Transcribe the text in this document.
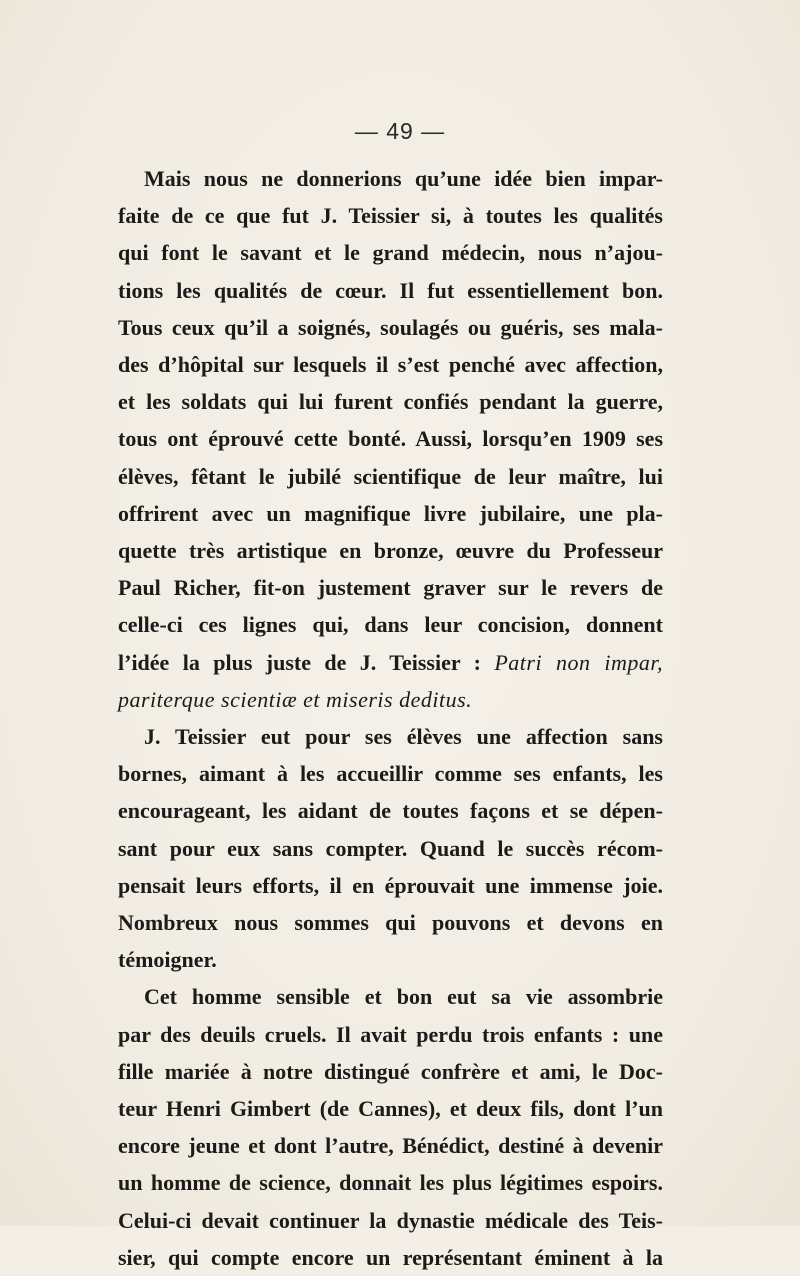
— 49 —
Mais nous ne donnerions qu’une idée bien impar-
faite de ce que fut J. Teissier si, à toutes les qualités
qui font le savant et le grand médecin, nous n’ajou-
tions les qualités de cœur. Il fut essentiellement bon.
Tous ceux qu’il a soignés, soulagés ou guéris, ses mala-
des d’hôpital sur lesquels il s’est penché avec affection,
et les soldats qui lui furent confiés pendant la guerre,
tous ont éprouvé cette bonté. Aussi, lorsqu’en 1909 ses
élèves, fêtant le jubilé scientifique de leur maître, lui
offrirent avec un magnifique livre jubilaire, une pla-
quette très artistique en bronze, œuvre du Professeur
Paul Richer, fit-on justement graver sur le revers de
celle-ci ces lignes qui, dans leur concision, donnent
l’idée la plus juste de J. Teissier : Patri non impar,
pariterque scientiæ et miseris deditus.
J. Teissier eut pour ses élèves une affection sans
bornes, aimant à les accueillir comme ses enfants, les
encourageant, les aidant de toutes façons et se dépen-
sant pour eux sans compter. Quand le succès récom-
pensait leurs efforts, il en éprouvait une immense joie.
Nombreux nous sommes qui pouvons et devons en
témoigner.
Cet homme sensible et bon eut sa vie assombrie
par des deuils cruels. Il avait perdu trois enfants : une
fille mariée à notre distingué confrère et ami, le Doc-
teur Henri Gimbert (de Cannes), et deux fils, dont l’un
encore jeune et dont l’autre, Bénédict, destiné à devenir
un homme de science, donnait les plus légitimes espoirs.
Celui-ci devait continuer la dynastie médicale des Teis-
sier, qui compte encore un représentant éminent à la
